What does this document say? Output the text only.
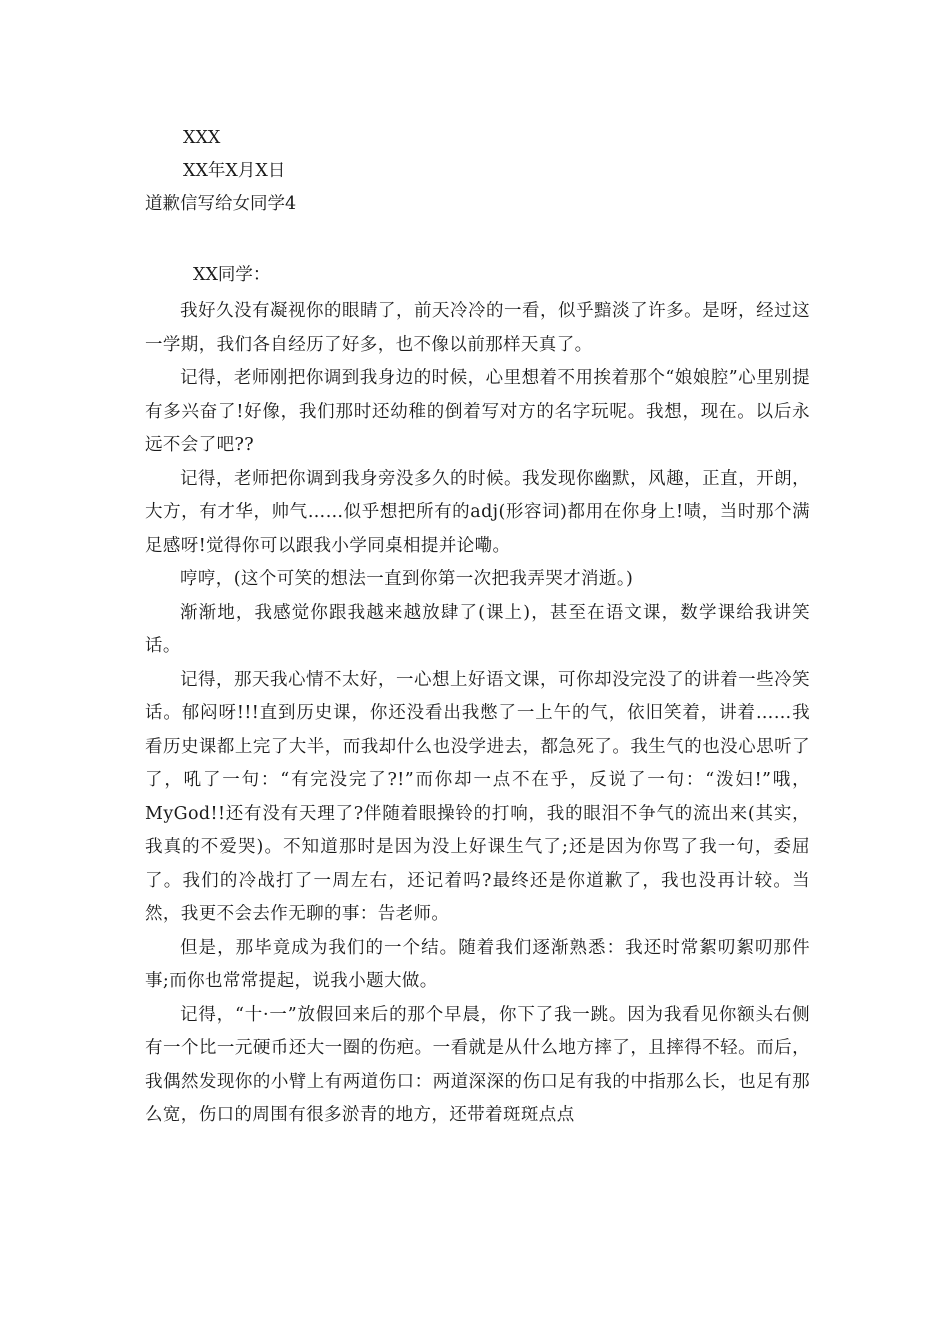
XXX

XX年X月X日

道歉信写给女同学4

XX同学：

我好久没有凝视你的眼睛了，前天冷冷的一看，似乎黯淡了许多。是呀，经过这一学期，我们各自经历了好多，也不像以前那样天真了。

记得，老师刚把你调到我身边的时候，心里想着不用挨着那个“娘娘腔”心里别提有多兴奋了!好像，我们那时还幼稚的倒着写对方的名字玩呢。我想，现在。以后永远不会了吧??

记得，老师把你调到我身旁没多久的时候。我发现你幽默，风趣，正直，开朗，大方，有才华，帅气……似乎想把所有的adj(形容词)都用在你身上!啧，当时那个满足感呀!觉得你可以跟我小学同桌相提并论嘞。

哼哼，(这个可笑的想法一直到你第一次把我弄哭才消逝。)

渐渐地，我感觉你跟我越来越放肆了(课上)，甚至在语文课，数学课给我讲笑话。

记得，那天我心情不太好，一心想上好语文课，可你却没完没了的讲着一些冷笑话。郁闷呀!!!直到历史课，你还没看出我憋了一上午的气，依旧笑着，讲着……我看历史课都上完了大半，而我却什么也没学进去，都急死了。我生气的也没心思听了了，吼了一句：“有完没完了?!”而你却一点不在乎，反说了一句：“泼妇!”哦，MyGod!!还有没有天理了?伴随着眼操铃的打响，我的眼泪不争气的流出来(其实，我真的不爱哭)。不知道那时是因为没上好课生气了;还是因为你骂了我一句，委屈了。我们的冷战打了一周左右，还记着吗?最终还是你道歉了，我也没再计较。当然，我更不会去作无聊的事：告老师。

但是，那毕竟成为我们的一个结。随着我们逐渐熟悉：我还时常絮叨絮叨那件事;而你也常常提起，说我小题大做。

记得，“十·一”放假回来后的那个早晨，你下了我一跳。因为我看见你额头右侧有一个比一元硬币还大一圈的伤疤。一看就是从什么地方摔了，且摔得不轻。而后，我偶然发现你的小臂上有两道伤口：两道深深的伤口足有我的中指那么长，也足有那么宽，伤口的周围有很多淤青的地方，还带着斑斑点点
